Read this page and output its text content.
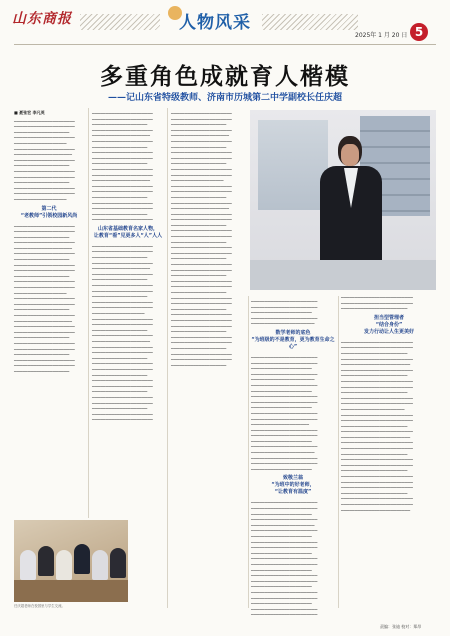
山东商报	人物风采
2025年 1 月 20 日 5
多重角色成就育人楷模
——记山东省特级教师、济南市历城第二中学副校长任庆超
■ 聂张宏 李凡英
▁▁▁▁▁▁▁▁▁▁▁▁▁▁▁▁▁▁▁▁▁▁ ▁▁▁▁▁▁▁▁▁▁▁▁▁▁▁▁▁▁▁▁▁▁ ▁▁▁▁▁▁▁▁▁▁▁▁▁▁▁▁▁▁▁▁ ▁▁▁▁▁▁▁▁▁▁▁▁▁▁▁▁▁▁▁▁▁▁ ▁▁▁▁▁▁▁▁▁▁▁▁▁▁▁▁▁▁▁ ▁▁▁▁▁▁▁▁▁▁▁▁▁▁▁▁▁▁▁▁▁▁ ▁▁▁▁▁▁▁▁▁▁▁▁▁▁▁▁▁▁▁▁▁ ▁▁▁▁▁▁▁▁▁▁▁▁▁▁▁▁▁▁▁▁▁▁ ▁▁▁▁▁▁▁▁▁▁▁▁▁▁▁▁▁▁▁▁ ▁▁▁▁▁▁▁▁▁▁▁▁▁▁▁▁▁▁▁▁▁▁ ▁▁▁▁▁▁▁▁▁▁▁▁▁▁▁▁▁▁▁▁▁▁ ▁▁▁▁▁▁▁▁▁▁▁▁▁▁▁▁▁▁▁▁ ▁▁▁▁▁▁▁▁▁▁▁▁▁▁▁▁▁▁▁▁▁▁ ▁▁▁▁▁▁▁▁▁▁▁▁▁▁▁▁▁▁▁▁▁▁ ▁▁▁▁▁▁▁▁▁▁▁▁▁▁▁▁▁▁▁
第二代
“老教师”引领校园新风尚
▁▁▁▁▁▁▁▁▁▁▁▁▁▁▁▁▁▁▁▁▁▁ ▁▁▁▁▁▁▁▁▁▁▁▁▁▁▁▁▁▁▁▁▁▁ ▁▁▁▁▁▁▁▁▁▁▁▁▁▁▁▁▁▁▁▁ ▁▁▁▁▁▁▁▁▁▁▁▁▁▁▁▁▁▁▁▁▁▁ ▁▁▁▁▁▁▁▁▁▁▁▁▁▁▁▁▁▁▁▁▁ ▁▁▁▁▁▁▁▁▁▁▁▁▁▁▁▁▁▁▁▁▁▁ ▁▁▁▁▁▁▁▁▁▁▁▁▁▁▁▁▁▁▁▁ ▁▁▁▁▁▁▁▁▁▁▁▁▁▁▁▁▁▁▁▁▁▁ ▁▁▁▁▁▁▁▁▁▁▁▁▁▁▁▁▁▁▁▁▁▁ ▁▁▁▁▁▁▁▁▁▁▁▁▁▁▁▁▁▁▁▁ ▁▁▁▁▁▁▁▁▁▁▁▁▁▁▁▁▁▁▁▁▁▁ ▁▁▁▁▁▁▁▁▁▁▁▁▁▁▁▁▁▁▁▁▁▁ ▁▁▁▁▁▁▁▁▁▁▁▁▁▁▁▁▁▁▁ ▁▁▁▁▁▁▁▁▁▁▁▁▁▁▁▁▁▁▁▁▁▁ ▁▁▁▁▁▁▁▁▁▁▁▁▁▁▁▁▁▁▁▁▁▁ ▁▁▁▁▁▁▁▁▁▁▁▁▁▁▁▁▁▁▁▁ ▁▁▁▁▁▁▁▁▁▁▁▁▁▁▁▁▁▁▁▁▁▁ ▁▁▁▁▁▁▁▁▁▁▁▁▁▁▁▁▁▁▁▁▁ ▁▁▁▁▁▁▁▁▁▁▁▁▁▁▁▁▁▁▁▁▁▁ ▁▁▁▁▁▁▁▁▁▁▁▁▁▁▁▁▁▁▁▁▁▁ ▁▁▁▁▁▁▁▁▁▁▁▁▁▁▁▁▁▁▁▁ ▁▁▁▁▁▁▁▁▁▁▁▁▁▁▁▁▁▁▁▁▁▁ ▁▁▁▁▁▁▁▁▁▁▁▁▁▁▁▁▁▁▁▁▁▁ ▁▁▁▁▁▁▁▁▁▁▁▁▁▁▁▁▁▁▁▁ ▁▁▁▁▁▁▁▁▁▁▁▁▁▁▁▁▁▁▁▁▁▁ ▁▁▁▁▁▁▁▁▁▁▁▁▁▁▁▁▁▁▁▁▁▁ ▁▁▁▁▁▁▁▁▁▁▁▁▁▁▁▁▁▁▁▁
▁▁▁▁▁▁▁▁▁▁▁▁▁▁▁▁▁▁▁▁▁▁ ▁▁▁▁▁▁▁▁▁▁▁▁▁▁▁▁▁▁▁▁▁▁ ▁▁▁▁▁▁▁▁▁▁▁▁▁▁▁▁▁▁▁▁ ▁▁▁▁▁▁▁▁▁▁▁▁▁▁▁▁▁▁▁▁▁▁ ▁▁▁▁▁▁▁▁▁▁▁▁▁▁▁▁▁▁▁▁▁ ▁▁▁▁▁▁▁▁▁▁▁▁▁▁▁▁▁▁▁▁▁▁ ▁▁▁▁▁▁▁▁▁▁▁▁▁▁▁▁▁▁▁▁ ▁▁▁▁▁▁▁▁▁▁▁▁▁▁▁▁▁▁▁▁▁▁ ▁▁▁▁▁▁▁▁▁▁▁▁▁▁▁▁▁▁▁▁▁▁ ▁▁▁▁▁▁▁▁▁▁▁▁▁▁▁▁▁▁▁▁ ▁▁▁▁▁▁▁▁▁▁▁▁▁▁▁▁▁▁▁▁▁▁ ▁▁▁▁▁▁▁▁▁▁▁▁▁▁▁▁▁▁▁▁▁▁ ▁▁▁▁▁▁▁▁▁▁▁▁▁▁▁▁▁▁▁▁▁ ▁▁▁▁▁▁▁▁▁▁▁▁▁▁▁▁▁▁▁▁▁▁ ▁▁▁▁▁▁▁▁▁▁▁▁▁▁▁▁▁▁▁▁▁▁ ▁▁▁▁▁▁▁▁▁▁▁▁▁▁▁▁▁▁▁▁ ▁▁▁▁▁▁▁▁▁▁▁▁▁▁▁▁▁▁▁▁▁▁ ▁▁▁▁▁▁▁▁▁▁▁▁▁▁▁▁▁▁▁▁▁▁ ▁▁▁▁▁▁▁▁▁▁▁▁▁▁▁▁▁▁▁▁ ▁▁▁▁▁▁▁▁▁▁▁▁▁▁▁▁▁▁▁▁▁▁
山东省基础教育名家人物，
让教育“看”见更多人“人”人人
▁▁▁▁▁▁▁▁▁▁▁▁▁▁▁▁▁▁▁▁▁▁ ▁▁▁▁▁▁▁▁▁▁▁▁▁▁▁▁▁▁▁▁▁▁ ▁▁▁▁▁▁▁▁▁▁▁▁▁▁▁▁▁▁▁▁ ▁▁▁▁▁▁▁▁▁▁▁▁▁▁▁▁▁▁▁▁▁▁ ▁▁▁▁▁▁▁▁▁▁▁▁▁▁▁▁▁▁▁▁▁ ▁▁▁▁▁▁▁▁▁▁▁▁▁▁▁▁▁▁▁▁▁▁ ▁▁▁▁▁▁▁▁▁▁▁▁▁▁▁▁▁▁▁▁ ▁▁▁▁▁▁▁▁▁▁▁▁▁▁▁▁▁▁▁▁▁▁ ▁▁▁▁▁▁▁▁▁▁▁▁▁▁▁▁▁▁▁▁▁▁ ▁▁▁▁▁▁▁▁▁▁▁▁▁▁▁▁▁▁▁▁ ▁▁▁▁▁▁▁▁▁▁▁▁▁▁▁▁▁▁▁▁▁▁ ▁▁▁▁▁▁▁▁▁▁▁▁▁▁▁▁▁▁▁▁▁▁ ▁▁▁▁▁▁▁▁▁▁▁▁▁▁▁▁▁▁▁ ▁▁▁▁▁▁▁▁▁▁▁▁▁▁▁▁▁▁▁▁▁▁ ▁▁▁▁▁▁▁▁▁▁▁▁▁▁▁▁▁▁▁▁▁▁ ▁▁▁▁▁▁▁▁▁▁▁▁▁▁▁▁▁▁▁▁ ▁▁▁▁▁▁▁▁▁▁▁▁▁▁▁▁▁▁▁▁▁▁ ▁▁▁▁▁▁▁▁▁▁▁▁▁▁▁▁▁▁▁▁▁ ▁▁▁▁▁▁▁▁▁▁▁▁▁▁▁▁▁▁▁▁▁▁ ▁▁▁▁▁▁▁▁▁▁▁▁▁▁▁▁▁▁▁▁▁▁ ▁▁▁▁▁▁▁▁▁▁▁▁▁▁▁▁▁▁▁▁ ▁▁▁▁▁▁▁▁▁▁▁▁▁▁▁▁▁▁▁▁▁▁ ▁▁▁▁▁▁▁▁▁▁▁▁▁▁▁▁▁▁▁▁▁▁ ▁▁▁▁▁▁▁▁▁▁▁▁▁▁▁▁▁▁▁▁ ▁▁▁▁▁▁▁▁▁▁▁▁▁▁▁▁▁▁▁▁▁▁ ▁▁▁▁▁▁▁▁▁▁▁▁▁▁▁▁▁▁▁▁▁▁ ▁▁▁▁▁▁▁▁▁▁▁▁▁▁▁▁▁▁▁▁ ▁▁▁▁▁▁▁▁▁▁▁▁▁▁▁▁▁▁▁▁▁▁ ▁▁▁▁▁▁▁▁▁▁▁▁▁▁▁▁▁▁▁▁▁▁ ▁▁▁▁▁▁▁▁▁▁▁▁▁▁▁▁▁▁▁▁ ▁▁▁▁▁▁▁▁▁▁▁▁▁▁▁▁▁▁▁▁▁▁ ▁▁▁▁▁▁▁▁▁▁▁▁▁▁▁▁▁▁▁▁▁▁
▁▁▁▁▁▁▁▁▁▁▁▁▁▁▁▁▁▁▁▁▁▁ ▁▁▁▁▁▁▁▁▁▁▁▁▁▁▁▁▁▁▁▁▁▁ ▁▁▁▁▁▁▁▁▁▁▁▁▁▁▁▁▁▁▁▁ ▁▁▁▁▁▁▁▁▁▁▁▁▁▁▁▁▁▁▁▁▁▁ ▁▁▁▁▁▁▁▁▁▁▁▁▁▁▁▁▁▁▁▁▁ ▁▁▁▁▁▁▁▁▁▁▁▁▁▁▁▁▁▁▁▁▁▁ ▁▁▁▁▁▁▁▁▁▁▁▁▁▁▁▁▁▁▁▁ ▁▁▁▁▁▁▁▁▁▁▁▁▁▁▁▁▁▁▁▁▁▁ ▁▁▁▁▁▁▁▁▁▁▁▁▁▁▁▁▁▁▁▁▁▁ ▁▁▁▁▁▁▁▁▁▁▁▁▁▁▁▁▁▁▁▁ ▁▁▁▁▁▁▁▁▁▁▁▁▁▁▁▁▁▁▁▁▁▁ ▁▁▁▁▁▁▁▁▁▁▁▁▁▁▁▁▁▁▁▁▁▁ ▁▁▁▁▁▁▁▁▁▁▁▁▁▁▁▁▁▁▁ ▁▁▁▁▁▁▁▁▁▁▁▁▁▁▁▁▁▁▁▁▁▁ ▁▁▁▁▁▁▁▁▁▁▁▁▁▁▁▁▁▁▁▁▁▁ ▁▁▁▁▁▁▁▁▁▁▁▁▁▁▁▁▁▁▁▁ ▁▁▁▁▁▁▁▁▁▁▁▁▁▁▁▁▁▁▁▁▁▁ ▁▁▁▁▁▁▁▁▁▁▁▁▁▁▁▁▁▁▁▁▁ ▁▁▁▁▁▁▁▁▁▁▁▁▁▁▁▁▁▁▁▁▁▁ ▁▁▁▁▁▁▁▁▁▁▁▁▁▁▁▁▁▁▁▁▁▁ ▁▁▁▁▁▁▁▁▁▁▁▁▁▁▁▁▁▁▁▁ ▁▁▁▁▁▁▁▁▁▁▁▁▁▁▁▁▁▁▁▁▁▁ ▁▁▁▁▁▁▁▁▁▁▁▁▁▁▁▁▁▁▁▁▁▁ ▁▁▁▁▁▁▁▁▁▁▁▁▁▁▁▁▁▁▁▁ ▁▁▁▁▁▁▁▁▁▁▁▁▁▁▁▁▁▁▁▁▁▁ ▁▁▁▁▁▁▁▁▁▁▁▁▁▁▁▁▁▁▁▁▁▁ ▁▁▁▁▁▁▁▁▁▁▁▁▁▁▁▁▁▁▁▁ ▁▁▁▁▁▁▁▁▁▁▁▁▁▁▁▁▁▁▁▁▁▁ ▁▁▁▁▁▁▁▁▁▁▁▁▁▁▁▁▁▁▁▁▁▁ ▁▁▁▁▁▁▁▁▁▁▁▁▁▁▁▁▁▁▁▁ ▁▁▁▁▁▁▁▁▁▁▁▁▁▁▁▁▁▁▁▁▁▁ ▁▁▁▁▁▁▁▁▁▁▁▁▁▁▁▁▁▁▁▁▁▁ ▁▁▁▁▁▁▁▁▁▁▁▁▁▁▁▁▁▁▁▁ ▁▁▁▁▁▁▁▁▁▁▁▁▁▁▁▁▁▁▁▁▁▁ ▁▁▁▁▁▁▁▁▁▁▁▁▁▁▁▁▁▁▁▁▁▁ ▁▁▁▁▁▁▁▁▁▁▁▁▁▁▁▁▁▁▁▁ ▁▁▁▁▁▁▁▁▁▁▁▁▁▁▁▁▁▁▁▁▁▁ ▁▁▁▁▁▁▁▁▁▁▁▁▁▁▁▁▁▁▁▁▁▁ ▁▁▁▁▁▁▁▁▁▁▁▁▁▁▁▁▁▁▁▁▁▁ ▁▁▁▁▁▁▁▁▁▁▁▁▁▁▁▁▁▁▁▁ ▁▁▁▁▁▁▁▁▁▁▁▁▁▁▁▁▁▁▁▁▁▁ ▁▁▁▁▁▁▁▁▁▁▁▁▁▁▁▁▁▁▁▁▁▁ ▁▁▁▁▁▁▁▁▁▁▁▁▁▁▁▁▁▁▁▁ ▁▁▁▁▁▁▁▁▁▁▁▁▁▁▁▁▁▁▁▁▁▁ ▁▁▁▁▁▁▁▁▁▁▁▁▁▁▁▁▁▁▁▁▁▁ ▁▁▁▁▁▁▁▁▁▁▁▁▁▁▁▁▁▁▁▁
▁▁▁▁▁▁▁▁▁▁▁▁▁▁▁▁▁▁▁▁▁▁▁▁ ▁▁▁▁▁▁▁▁▁▁▁▁▁▁▁▁▁▁▁▁▁▁▁▁ ▁▁▁▁▁▁▁▁▁▁▁▁▁▁▁▁▁▁▁▁▁▁ ▁▁▁▁▁▁▁▁▁▁▁▁▁▁▁▁▁▁▁▁▁▁▁▁ ▁▁▁▁▁▁▁▁▁▁▁▁▁▁▁▁▁▁▁▁▁▁▁
数学老师的底色
“为班级的不是教育，更为教育生命之心”
▁▁▁▁▁▁▁▁▁▁▁▁▁▁▁▁▁▁▁▁▁▁▁▁ ▁▁▁▁▁▁▁▁▁▁▁▁▁▁▁▁▁▁▁▁▁▁▁▁ ▁▁▁▁▁▁▁▁▁▁▁▁▁▁▁▁▁▁▁▁▁▁ ▁▁▁▁▁▁▁▁▁▁▁▁▁▁▁▁▁▁▁▁▁▁▁▁ ▁▁▁▁▁▁▁▁▁▁▁▁▁▁▁▁▁▁▁▁▁▁▁ ▁▁▁▁▁▁▁▁▁▁▁▁▁▁▁▁▁▁▁▁▁▁▁▁ ▁▁▁▁▁▁▁▁▁▁▁▁▁▁▁▁▁▁▁▁▁▁ ▁▁▁▁▁▁▁▁▁▁▁▁▁▁▁▁▁▁▁▁▁▁▁▁ ▁▁▁▁▁▁▁▁▁▁▁▁▁▁▁▁▁▁▁▁▁▁▁▁ ▁▁▁▁▁▁▁▁▁▁▁▁▁▁▁▁▁▁▁▁▁▁ ▁▁▁▁▁▁▁▁▁▁▁▁▁▁▁▁▁▁▁▁▁▁▁▁ ▁▁▁▁▁▁▁▁▁▁▁▁▁▁▁▁▁▁▁▁▁▁▁▁ ▁▁▁▁▁▁▁▁▁▁▁▁▁▁▁▁▁▁▁▁▁ ▁▁▁▁▁▁▁▁▁▁▁▁▁▁▁▁▁▁▁▁▁▁▁▁ ▁▁▁▁▁▁▁▁▁▁▁▁▁▁▁▁▁▁▁▁▁▁▁▁ ▁▁▁▁▁▁▁▁▁▁▁▁▁▁▁▁▁▁▁▁▁▁ ▁▁▁▁▁▁▁▁▁▁▁▁▁▁▁▁▁▁▁▁▁▁▁▁ ▁▁▁▁▁▁▁▁▁▁▁▁▁▁▁▁▁▁▁▁▁▁▁ ▁▁▁▁▁▁▁▁▁▁▁▁▁▁▁▁▁▁▁▁▁▁▁▁ ▁▁▁▁▁▁▁▁▁▁▁▁▁▁▁▁▁▁▁▁▁▁▁▁ ▁▁▁▁▁▁▁▁▁▁▁▁▁▁▁▁▁▁▁▁▁▁
致敬兰翁
“为班中的好老师，
“让教育有温度”
▁▁▁▁▁▁▁▁▁▁▁▁▁▁▁▁▁▁▁▁▁▁▁▁ ▁▁▁▁▁▁▁▁▁▁▁▁▁▁▁▁▁▁▁▁▁▁▁▁ ▁▁▁▁▁▁▁▁▁▁▁▁▁▁▁▁▁▁▁▁▁▁ ▁▁▁▁▁▁▁▁▁▁▁▁▁▁▁▁▁▁▁▁▁▁▁▁ ▁▁▁▁▁▁▁▁▁▁▁▁▁▁▁▁▁▁▁▁▁▁▁ ▁▁▁▁▁▁▁▁▁▁▁▁▁▁▁▁▁▁▁▁▁▁▁▁ ▁▁▁▁▁▁▁▁▁▁▁▁▁▁▁▁▁▁▁▁▁▁ ▁▁▁▁▁▁▁▁▁▁▁▁▁▁▁▁▁▁▁▁▁▁▁▁ ▁▁▁▁▁▁▁▁▁▁▁▁▁▁▁▁▁▁▁▁▁▁▁▁ ▁▁▁▁▁▁▁▁▁▁▁▁▁▁▁▁▁▁▁▁▁▁ ▁▁▁▁▁▁▁▁▁▁▁▁▁▁▁▁▁▁▁▁▁▁▁▁ ▁▁▁▁▁▁▁▁▁▁▁▁▁▁▁▁▁▁▁▁▁▁▁▁ ▁▁▁▁▁▁▁▁▁▁▁▁▁▁▁▁▁▁▁▁▁▁ ▁▁▁▁▁▁▁▁▁▁▁▁▁▁▁▁▁▁▁▁▁▁▁▁ ▁▁▁▁▁▁▁▁▁▁▁▁▁▁▁▁▁▁▁▁▁▁▁▁ ▁▁▁▁▁▁▁▁▁▁▁▁▁▁▁▁▁▁▁▁▁▁ ▁▁▁▁▁▁▁▁▁▁▁▁▁▁▁▁▁▁▁▁▁▁▁▁ ▁▁▁▁▁▁▁▁▁▁▁▁▁▁▁▁▁▁▁▁▁▁▁▁ ▁▁▁▁▁▁▁▁▁▁▁▁▁▁▁▁▁▁▁▁▁▁ ▁▁▁▁▁▁▁▁▁▁▁▁▁▁▁▁▁▁▁▁▁▁▁▁ ▁▁▁▁▁▁▁▁▁▁▁▁▁▁▁▁▁▁▁▁▁▁▁▁
▁▁▁▁▁▁▁▁▁▁▁▁▁▁▁▁▁▁▁▁▁▁▁▁▁▁ ▁▁▁▁▁▁▁▁▁▁▁▁▁▁▁▁▁▁▁▁▁▁▁▁▁▁ ▁▁▁▁▁▁▁▁▁▁▁▁▁▁▁▁▁▁▁▁▁▁▁▁
担当型管理者
“结合身份”
发力行动让人生更美好
▁▁▁▁▁▁▁▁▁▁▁▁▁▁▁▁▁▁▁▁▁▁▁▁▁▁ ▁▁▁▁▁▁▁▁▁▁▁▁▁▁▁▁▁▁▁▁▁▁▁▁▁▁ ▁▁▁▁▁▁▁▁▁▁▁▁▁▁▁▁▁▁▁▁▁▁▁▁ ▁▁▁▁▁▁▁▁▁▁▁▁▁▁▁▁▁▁▁▁▁▁▁▁▁▁ ▁▁▁▁▁▁▁▁▁▁▁▁▁▁▁▁▁▁▁▁▁▁▁▁▁ ▁▁▁▁▁▁▁▁▁▁▁▁▁▁▁▁▁▁▁▁▁▁▁▁▁▁ ▁▁▁▁▁▁▁▁▁▁▁▁▁▁▁▁▁▁▁▁▁▁▁▁ ▁▁▁▁▁▁▁▁▁▁▁▁▁▁▁▁▁▁▁▁▁▁▁▁▁▁ ▁▁▁▁▁▁▁▁▁▁▁▁▁▁▁▁▁▁▁▁▁▁▁▁▁▁ ▁▁▁▁▁▁▁▁▁▁▁▁▁▁▁▁▁▁▁▁▁▁▁▁ ▁▁▁▁▁▁▁▁▁▁▁▁▁▁▁▁▁▁▁▁▁▁▁▁▁▁ ▁▁▁▁▁▁▁▁▁▁▁▁▁▁▁▁▁▁▁▁▁▁▁▁▁▁ ▁▁▁▁▁▁▁▁▁▁▁▁▁▁▁▁▁▁▁▁▁▁▁ ▁▁▁▁▁▁▁▁▁▁▁▁▁▁▁▁▁▁▁▁▁▁▁▁▁▁ ▁▁▁▁▁▁▁▁▁▁▁▁▁▁▁▁▁▁▁▁▁▁▁▁▁▁ ▁▁▁▁▁▁▁▁▁▁▁▁▁▁▁▁▁▁▁▁▁▁▁▁ ▁▁▁▁▁▁▁▁▁▁▁▁▁▁▁▁▁▁▁▁▁▁▁▁▁▁ ▁▁▁▁▁▁▁▁▁▁▁▁▁▁▁▁▁▁▁▁▁▁▁▁▁ ▁▁▁▁▁▁▁▁▁▁▁▁▁▁▁▁▁▁▁▁▁▁▁▁▁▁ ▁▁▁▁▁▁▁▁▁▁▁▁▁▁▁▁▁▁▁▁▁▁▁▁▁▁ ▁▁▁▁▁▁▁▁▁▁▁▁▁▁▁▁▁▁▁▁▁▁▁▁ ▁▁▁▁▁▁▁▁▁▁▁▁▁▁▁▁▁▁▁▁▁▁▁▁▁▁ ▁▁▁▁▁▁▁▁▁▁▁▁▁▁▁▁▁▁▁▁▁▁▁▁▁▁ ▁▁▁▁▁▁▁▁▁▁▁▁▁▁▁▁▁▁▁▁▁▁▁▁ ▁▁▁▁▁▁▁▁▁▁▁▁▁▁▁▁▁▁▁▁▁▁▁▁▁▁ ▁▁▁▁▁▁▁▁▁▁▁▁▁▁▁▁▁▁▁▁▁▁▁▁▁▁ ▁▁▁▁▁▁▁▁▁▁▁▁▁▁▁▁▁▁▁▁▁▁▁▁▁▁ ▁▁▁▁▁▁▁▁▁▁▁▁▁▁▁▁▁▁▁▁▁▁▁▁ ▁▁▁▁▁▁▁▁▁▁▁▁▁▁▁▁▁▁▁▁▁▁▁▁▁▁ ▁▁▁▁▁▁▁▁▁▁▁▁▁▁▁▁▁▁▁▁▁▁▁▁▁▁ ▁▁▁▁▁▁▁▁▁▁▁▁▁▁▁▁▁▁▁▁▁▁▁▁▁
任庆超老师在校园里与学生交流。
责编：张迪 校对：郑昂
